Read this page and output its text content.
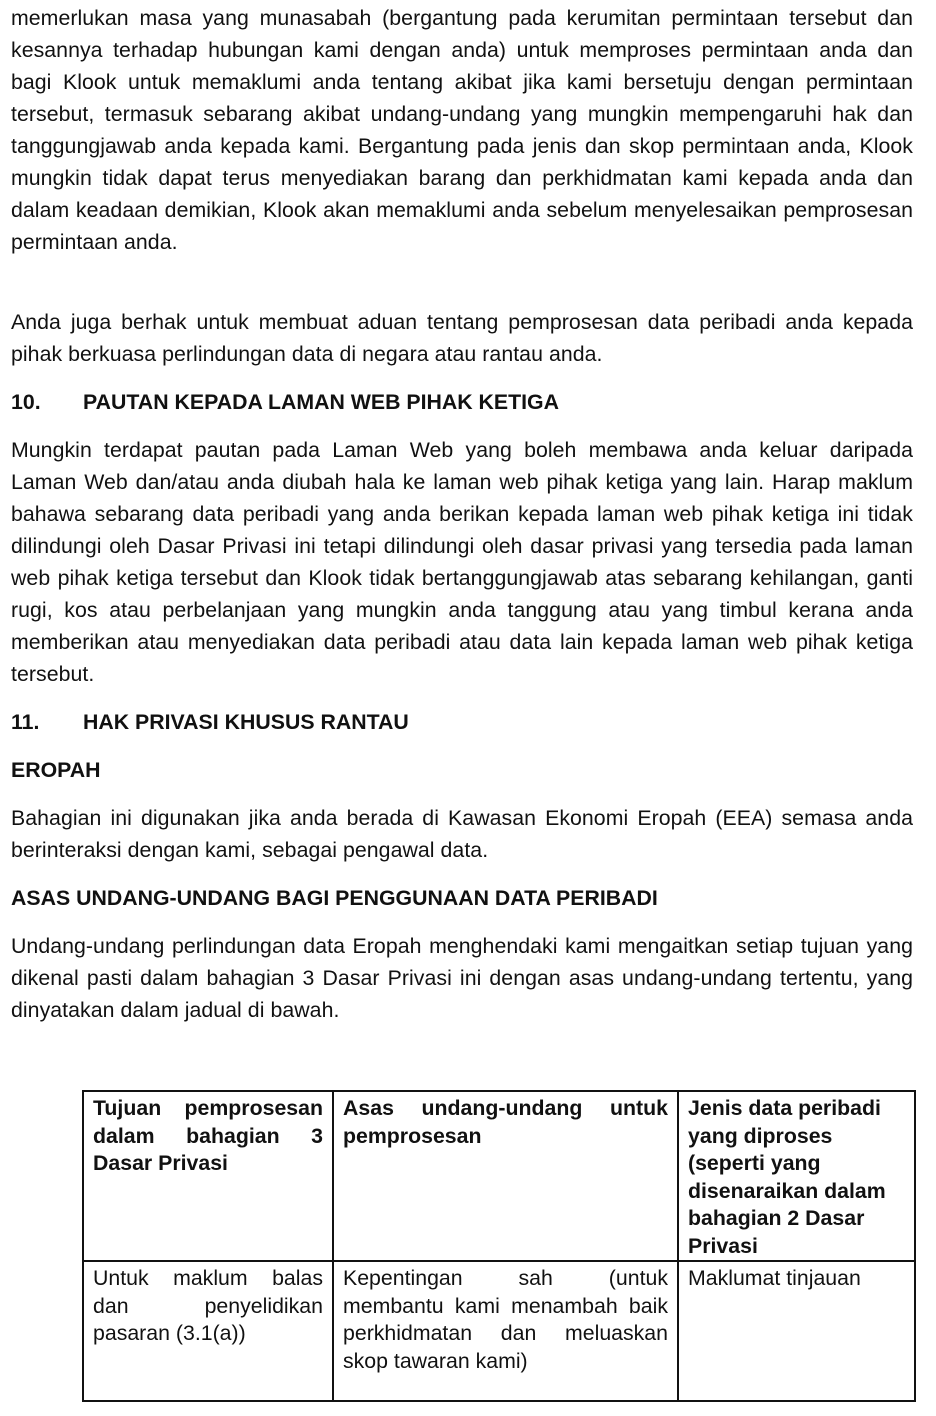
memerlukan masa yang munasabah (bergantung pada kerumitan permintaan tersebut dan kesannya terhadap hubungan kami dengan anda) untuk memproses permintaan anda dan bagi Klook untuk memaklumi anda tentang akibat jika kami bersetuju dengan permintaan tersebut, termasuk sebarang akibat undang-undang yang mungkin mempengaruhi hak dan tanggungjawab anda kepada kami. Bergantung pada jenis dan skop permintaan anda, Klook mungkin tidak dapat terus menyediakan barang dan perkhidmatan kami kepada anda dan dalam keadaan demikian, Klook akan memaklumi anda sebelum menyelesaikan pemprosesan permintaan anda.

Anda juga berhak untuk membuat aduan tentang pemprosesan data peribadi anda kepada pihak berkuasa perlindungan data di negara atau rantau anda.

10. PAUTAN KEPADA LAMAN WEB PIHAK KETIGA

Mungkin terdapat pautan pada Laman Web yang boleh membawa anda keluar daripada Laman Web dan/atau anda diubah hala ke laman web pihak ketiga yang lain. Harap maklum bahawa sebarang data peribadi yang anda berikan kepada laman web pihak ketiga ini tidak dilindungi oleh Dasar Privasi ini tetapi dilindungi oleh dasar privasi yang tersedia pada laman web pihak ketiga tersebut dan Klook tidak bertanggungjawab atas sebarang kehilangan, ganti rugi, kos atau perbelanjaan yang mungkin anda tanggung atau yang timbul kerana anda memberikan atau menyediakan data peribadi atau data lain kepada laman web pihak ketiga tersebut.

11. HAK PRIVASI KHUSUS RANTAU
EROPAH

Bahagian ini digunakan jika anda berada di Kawasan Ekonomi Eropah (EEA) semasa anda berinteraksi dengan kami, sebagai pengawal data.

ASAS UNDANG-UNDANG BAGI PENGGUNAAN DATA PERIBADI

Undang-undang perlindungan data Eropah menghendaki kami mengaitkan setiap tujuan yang dikenal pasti dalam bahagian 3 Dasar Privasi ini dengan asas undang-undang tertentu, yang dinyatakan dalam jadual di bawah.

Tujuan pemprosesan dalam bahagian 3 Dasar Privasi	Asas undang-undang untuk pemprosesan	Jenis data peribadi yang diproses (seperti yang disenaraikan dalam bahagian 2 Dasar Privasi
Untuk maklum balas dan penyelidikan pasaran (3.1(a))	Kepentingan sah (untuk membantu kami menambah baik perkhidmatan dan meluaskan skop tawaran kami)	Maklumat tinjauan
